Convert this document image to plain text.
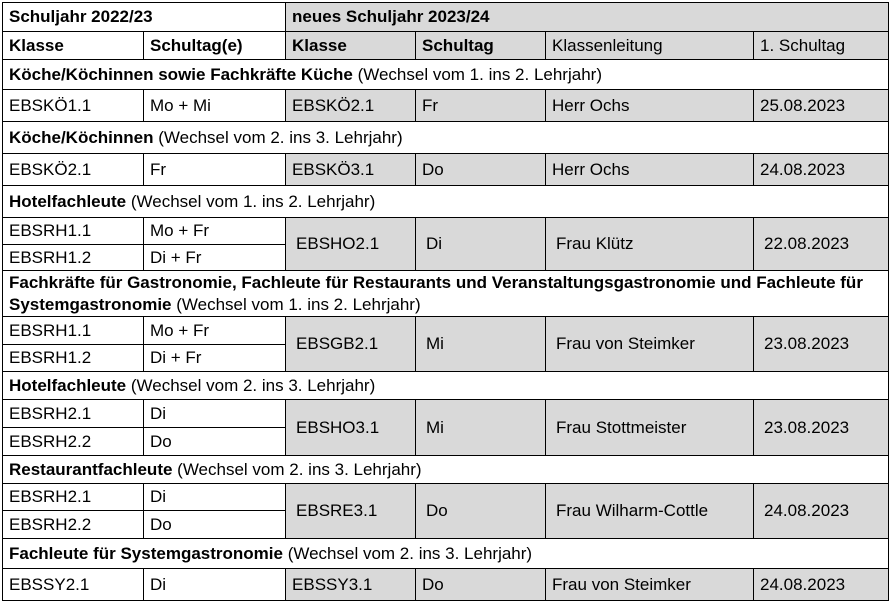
Schuljahr 2022/23		neues Schuljahr 2023/24			
Klasse	Schultag(e)	Klasse	Schultag	Klassenleitung	1. Schultag
Köche/Köchinnen sowie Fachkräfte Küche (Wechsel vom 1. ins 2. Lehrjahr)					
EBSKÖ1.1	Mo + Mi	EBSKÖ2.1	Fr	Herr Ochs	25.08.2023
Köche/Köchinnen (Wechsel vom 2. ins 3. Lehrjahr)					
EBSKÖ2.1	Fr	EBSKÖ3.1	Do	Herr Ochs	24.08.2023
Hotelfachleute (Wechsel vom 1. ins 2. Lehrjahr)					
EBSRH1.1	Mo + Fr	EBSHO2.1	Di	Frau Klütz	22.08.2023
EBSRH1.2	Di + Fr				
Fachkräfte für Gastronomie, Fachleute für Restaurants und Veranstaltungsgastronomie und Fachleute für Systemgastronomie (Wechsel vom 1. ins 2. Lehrjahr)					
EBSRH1.1	Mo + Fr	EBSGB2.1	Mi	Frau von Steimker	23.08.2023
EBSRH1.2	Di + Fr				
Hotelfachleute (Wechsel vom 2. ins 3. Lehrjahr)					
EBSRH2.1	Di	EBSHO3.1	Mi	Frau Stottmeister	23.08.2023
EBSRH2.2	Do				
Restaurantfachleute (Wechsel vom 2. ins 3. Lehrjahr)					
EBSRH2.1	Di	EBSRE3.1	Do	Frau Wilharm-Cottle	24.08.2023
EBSRH2.2	Do				
Fachleute für Systemgastronomie (Wechsel vom 2. ins 3. Lehrjahr)					
EBSSY2.1	Di	EBSSY3.1	Do	Frau von Steimker	24.08.2023
